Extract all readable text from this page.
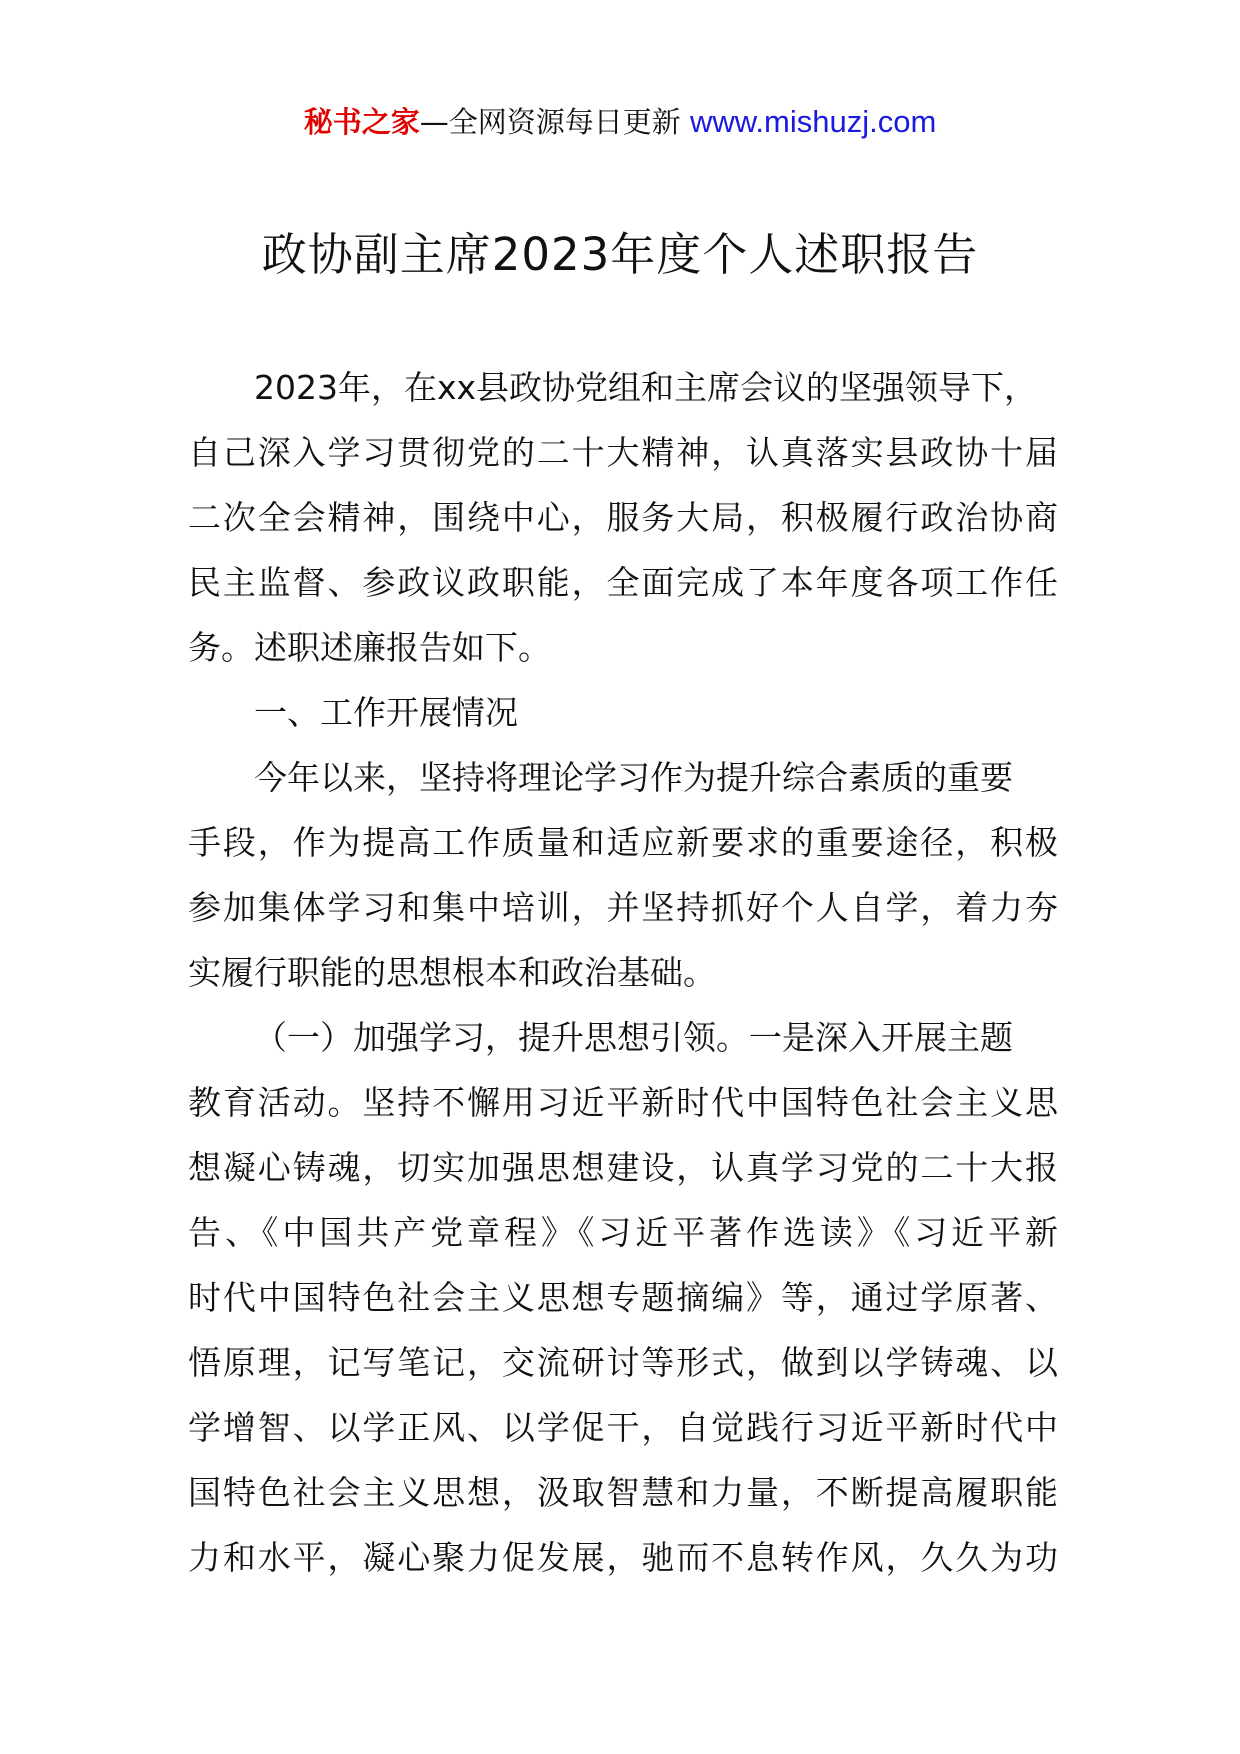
秘书之家—全网资源每日更新 www.mishuzj.com
政协副主席2023年度个人述职报告
2023年，在xx县政协党组和主席会议的坚强领导下，
自己深入学习贯彻党的二十大精神，认真落实县政协十届
二次全会精神，围绕中心，服务大局，积极履行政治协商
民主监督、参政议政职能，全面完成了本年度各项工作任
务。述职述廉报告如下。
一、工作开展情况
今年以来，坚持将理论学习作为提升综合素质的重要
手段，作为提高工作质量和适应新要求的重要途径，积极
参加集体学习和集中培训，并坚持抓好个人自学，着力夯
实履行职能的思想根本和政治基础。
（一）加强学习，提升思想引领。一是深入开展主题
教育活动。坚持不懈用习近平新时代中国特色社会主义思
想凝心铸魂，切实加强思想建设，认真学习党的二十大报
告、《中国共产党章程》《习近平著作选读》《习近平新
时代中国特色社会主义思想专题摘编》等，通过学原著、
悟原理，记写笔记，交流研讨等形式，做到以学铸魂、以
学增智、以学正风、以学促干，自觉践行习近平新时代中
国特色社会主义思想，汲取智慧和力量，不断提高履职能
力和水平，凝心聚力促发展，驰而不息转作风，久久为功
